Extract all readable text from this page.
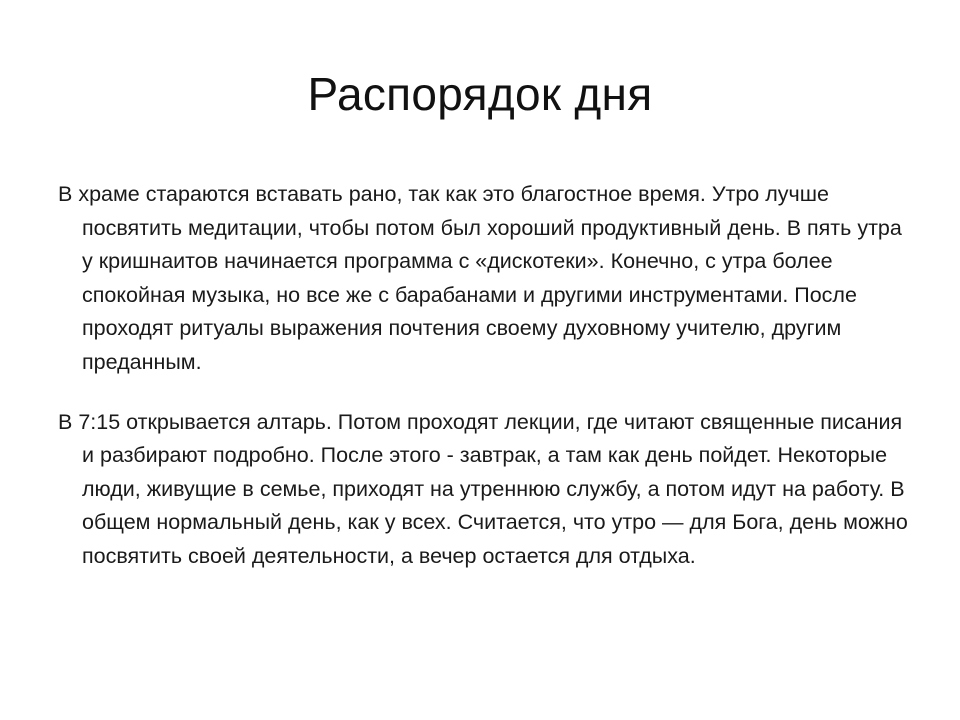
Распорядок дня

В храме стараются вставать рано, так как это благостное время. Утро лучше посвятить медитации, чтобы потом был хороший продуктивный день. В пять утра у кришнаитов начинается программа с «дискотеки». Конечно, с утра более спокойная музыка, но все же с барабанами и другими инструментами. После проходят ритуалы выражения почтения своему духовному учителю, другим преданным.

В 7:15 открывается алтарь. Потом проходят лекции, где читают священные писания и разбирают подробно. После этого - завтрак, а там как день пойдет. Некоторые люди, живущие в семье, приходят на утреннюю службу, а потом идут на работу. В общем нормальный день, как у всех. Считается, что утро — для Бога, день можно посвятить своей деятельности, а вечер остается для отдыха.
